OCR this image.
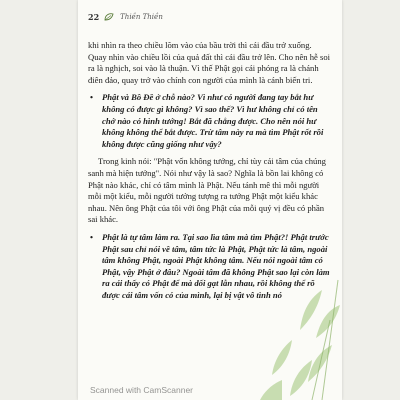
22	Thiền Thiền

khi nhìn ra theo chiều lõm vào của bầu trời thì cái đầu trở xuống. Quay nhìn vào chiều lồi của quả đất thì cái đầu trở lên. Cho nên hễ soi ra là nghịch, soi vào là thuận. Vì thế Phật gọi cái phóng ra là chánh điên đảo, quay trở vào chính con người của mình là cánh biến tri.

• Phật và Bồ Đề ở chỗ nào? Vì như có người đang tay bắt hư không có được gì không? Vì sao thế? Vì hư không chỉ có tên chớ nào có hình tướng! Bắt đã chẳng được. Cho nên nói hư không không thể bắt được. Trừ tâm này ra mà tìm Phật rốt rồi không được cũng giống như vậy?

Trong kinh nói: "Phật vốn không tướng, chỉ tùy cái tâm của chúng sanh mà hiện tướng". Nói như vậy là sao? Nghĩa là bồn lai không có Phật nào khác, chỉ có tâm mình là Phật. Nếu tánh mê thì mỗi người mỗi một kiểu, mỗi người tưởng tượng ra tướng Phật một kiểu khác nhau. Nên ông Phật của tôi với ông Phật của mỗi quý vị đều có phần sai khác.

• Phật là tự tâm làm ra. Tại sao lìa tâm mà tìm Phật?! Phật trước Phật sau chỉ nói về tâm, tâm tức là Phật, Phật tức là tâm, ngoài tâm không Phật, ngoài Phật không tâm. Nếu nói ngoài tâm có Phật, vậy Phật ở đâu? Ngoài tâm đã không Phật sao lại còn làm ra cái thấy có Phật để mà dối gạt lẫn nhau, rồi không thể rõ được cái tâm vốn có của mình, lại bị vật vô tình nó

Scanned with CamScanner
